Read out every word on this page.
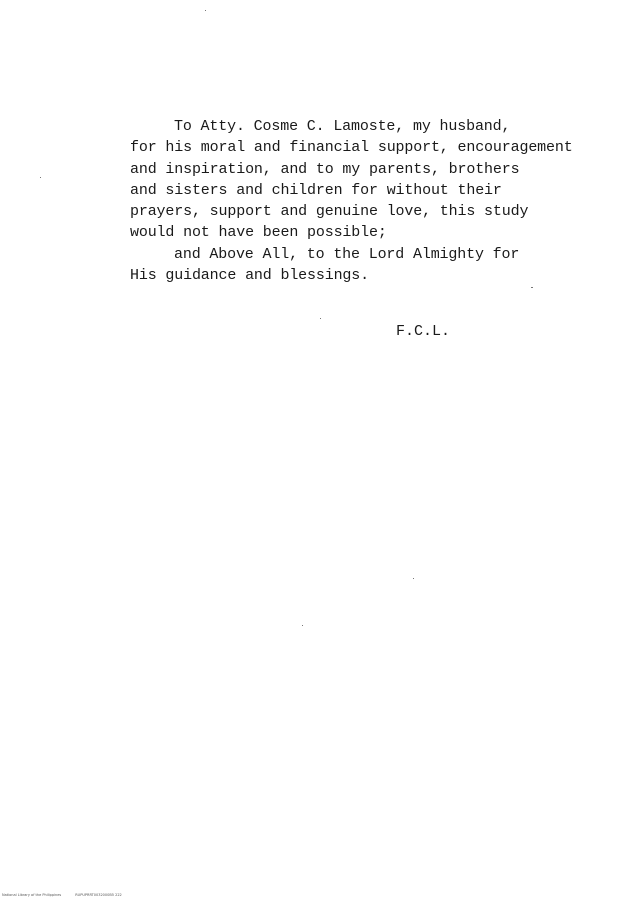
To Atty. Cosme C. Lamoste, my husband,
for his moral and financial support, encouragement
and inspiration, and to my parents, brothers
and sisters and children for without their
prayers, support and genuine love, this study
would not have been possible;
and Above All, to the Lord Almighty for
His guidance and blessings.
F.C.L.
National Library of the Philippines	RUPUPRRT0032000B5 222
